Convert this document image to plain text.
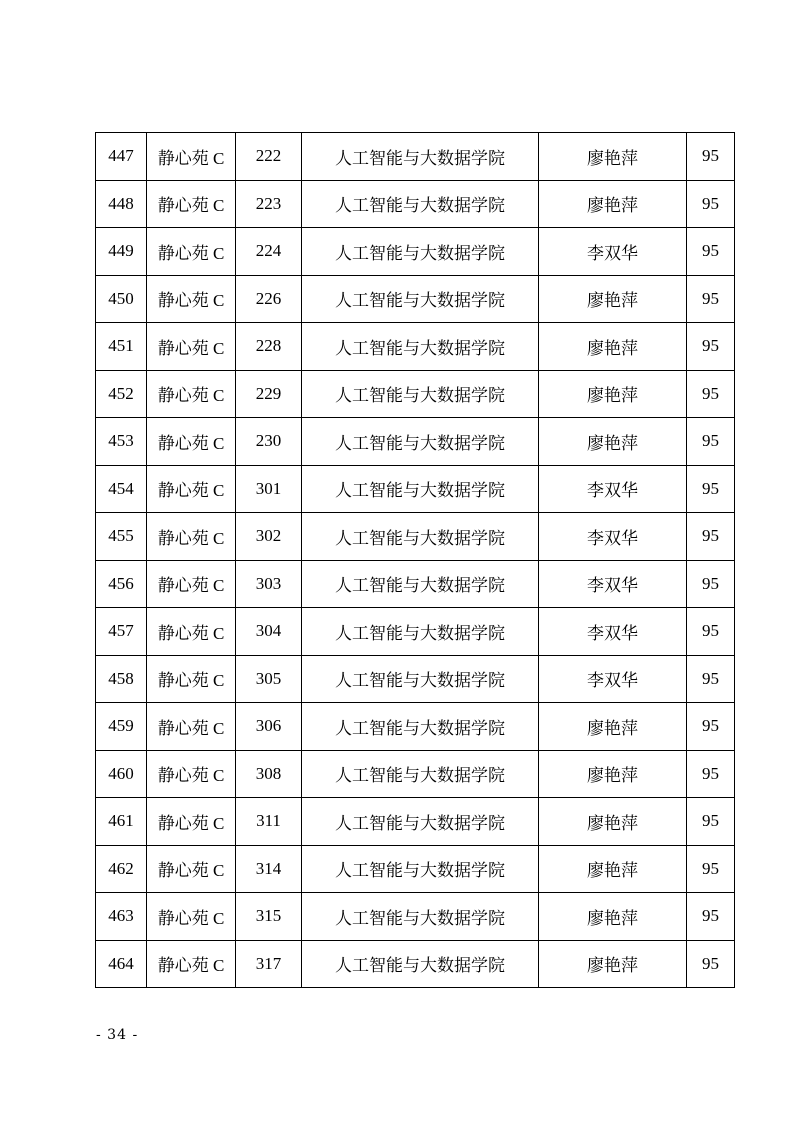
447	静心苑 C	222	人工智能与大数据学院	廖艳萍	95
448	静心苑 C	223	人工智能与大数据学院	廖艳萍	95
449	静心苑 C	224	人工智能与大数据学院	李双华	95
450	静心苑 C	226	人工智能与大数据学院	廖艳萍	95
451	静心苑 C	228	人工智能与大数据学院	廖艳萍	95
452	静心苑 C	229	人工智能与大数据学院	廖艳萍	95
453	静心苑 C	230	人工智能与大数据学院	廖艳萍	95
454	静心苑 C	301	人工智能与大数据学院	李双华	95
455	静心苑 C	302	人工智能与大数据学院	李双华	95
456	静心苑 C	303	人工智能与大数据学院	李双华	95
457	静心苑 C	304	人工智能与大数据学院	李双华	95
458	静心苑 C	305	人工智能与大数据学院	李双华	95
459	静心苑 C	306	人工智能与大数据学院	廖艳萍	95
460	静心苑 C	308	人工智能与大数据学院	廖艳萍	95
461	静心苑 C	311	人工智能与大数据学院	廖艳萍	95
462	静心苑 C	314	人工智能与大数据学院	廖艳萍	95
463	静心苑 C	315	人工智能与大数据学院	廖艳萍	95
464	静心苑 C	317	人工智能与大数据学院	廖艳萍	95
- 34 -
